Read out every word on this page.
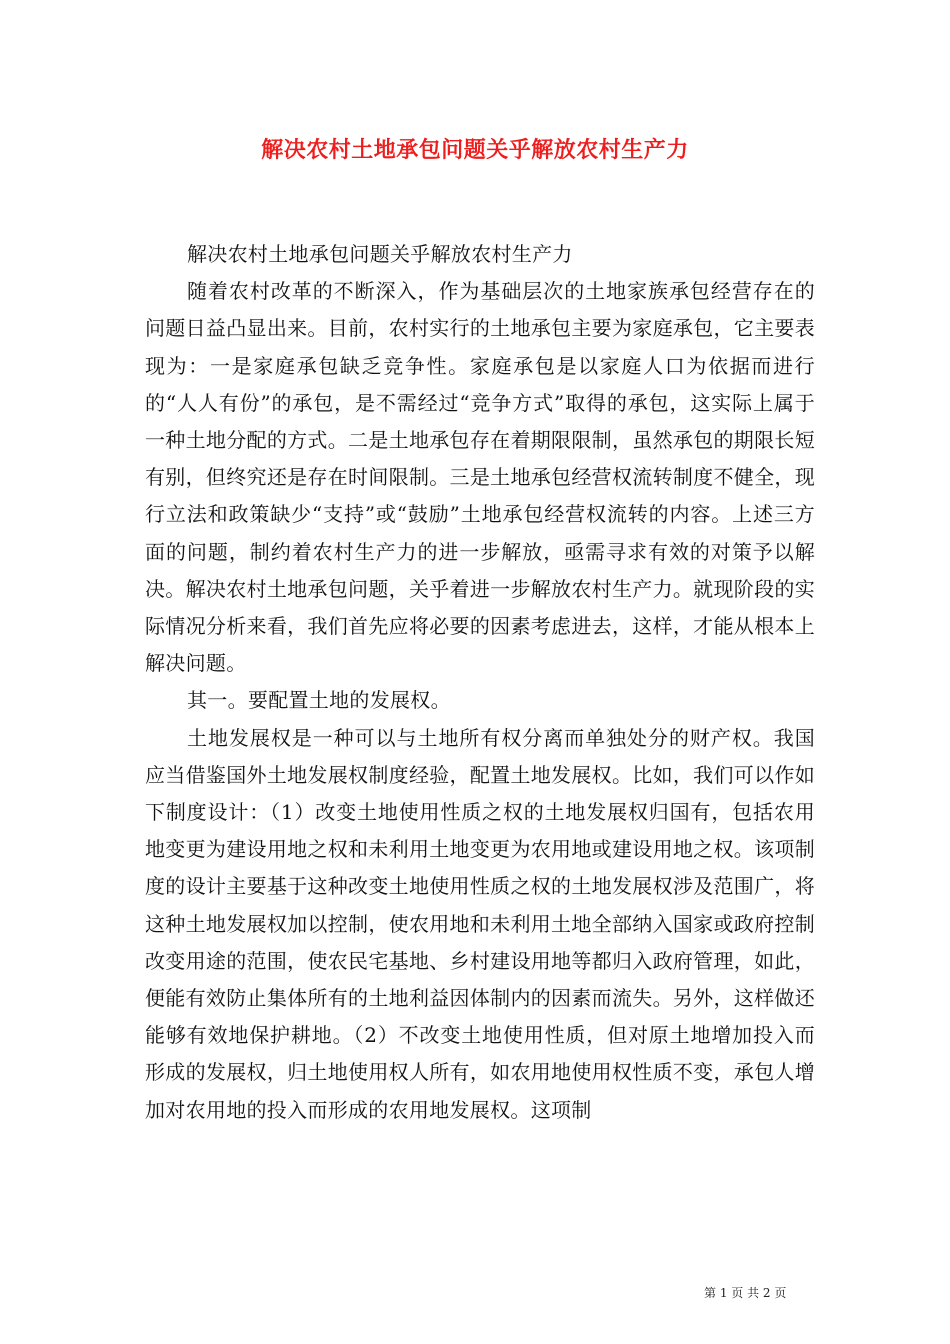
解决农村土地承包问题关乎解放农村生产力

解决农村土地承包问题关乎解放农村生产力

随着农村改革的不断深入，作为基础层次的土地家族承包经营存在的问题日益凸显出来。目前，农村实行的土地承包主要为家庭承包，它主要表现为：一是家庭承包缺乏竞争性。家庭承包是以家庭人口为依据而进行的“人人有份”的承包，是不需经过“竞争方式”取得的承包，这实际上属于一种土地分配的方式。二是土地承包存在着期限限制，虽然承包的期限长短有别，但终究还是存在时间限制。三是土地承包经营权流转制度不健全，现行立法和政策缺少“支持”或“鼓励”土地承包经营权流转的内容。上述三方面的问题，制约着农村生产力的进一步解放，亟需寻求有效的对策予以解决。解决农村土地承包问题，关乎着进一步解放农村生产力。就现阶段的实际情况分析来看，我们首先应将必要的因素考虑进去，这样，才能从根本上解决问题。

其一。要配置土地的发展权。

土地发展权是一种可以与土地所有权分离而单独处分的财产权。我国应当借鉴国外土地发展权制度经验，配置土地发展权。比如，我们可以作如下制度设计：（1）改变土地使用性质之权的土地发展权归国有，包括农用地变更为建设用地之权和未利用土地变更为农用地或建设用地之权。该项制度的设计主要基于这种改变土地使用性质之权的土地发展权涉及范围广，将这种土地发展权加以控制，使农用地和未利用土地全部纳入国家或政府控制改变用途的范围，使农民宅基地、乡村建设用地等都归入政府管理，如此，便能有效防止集体所有的土地利益因体制内的因素而流失。另外，这样做还能够有效地保护耕地。（2）不改变土地使用性质，但对原土地增加投入而形成的发展权，归土地使用权人所有，如农用地使用权性质不变，承包人增加对农用地的投入而形成的农用地发展权。这项制

第 1 页 共 2 页
